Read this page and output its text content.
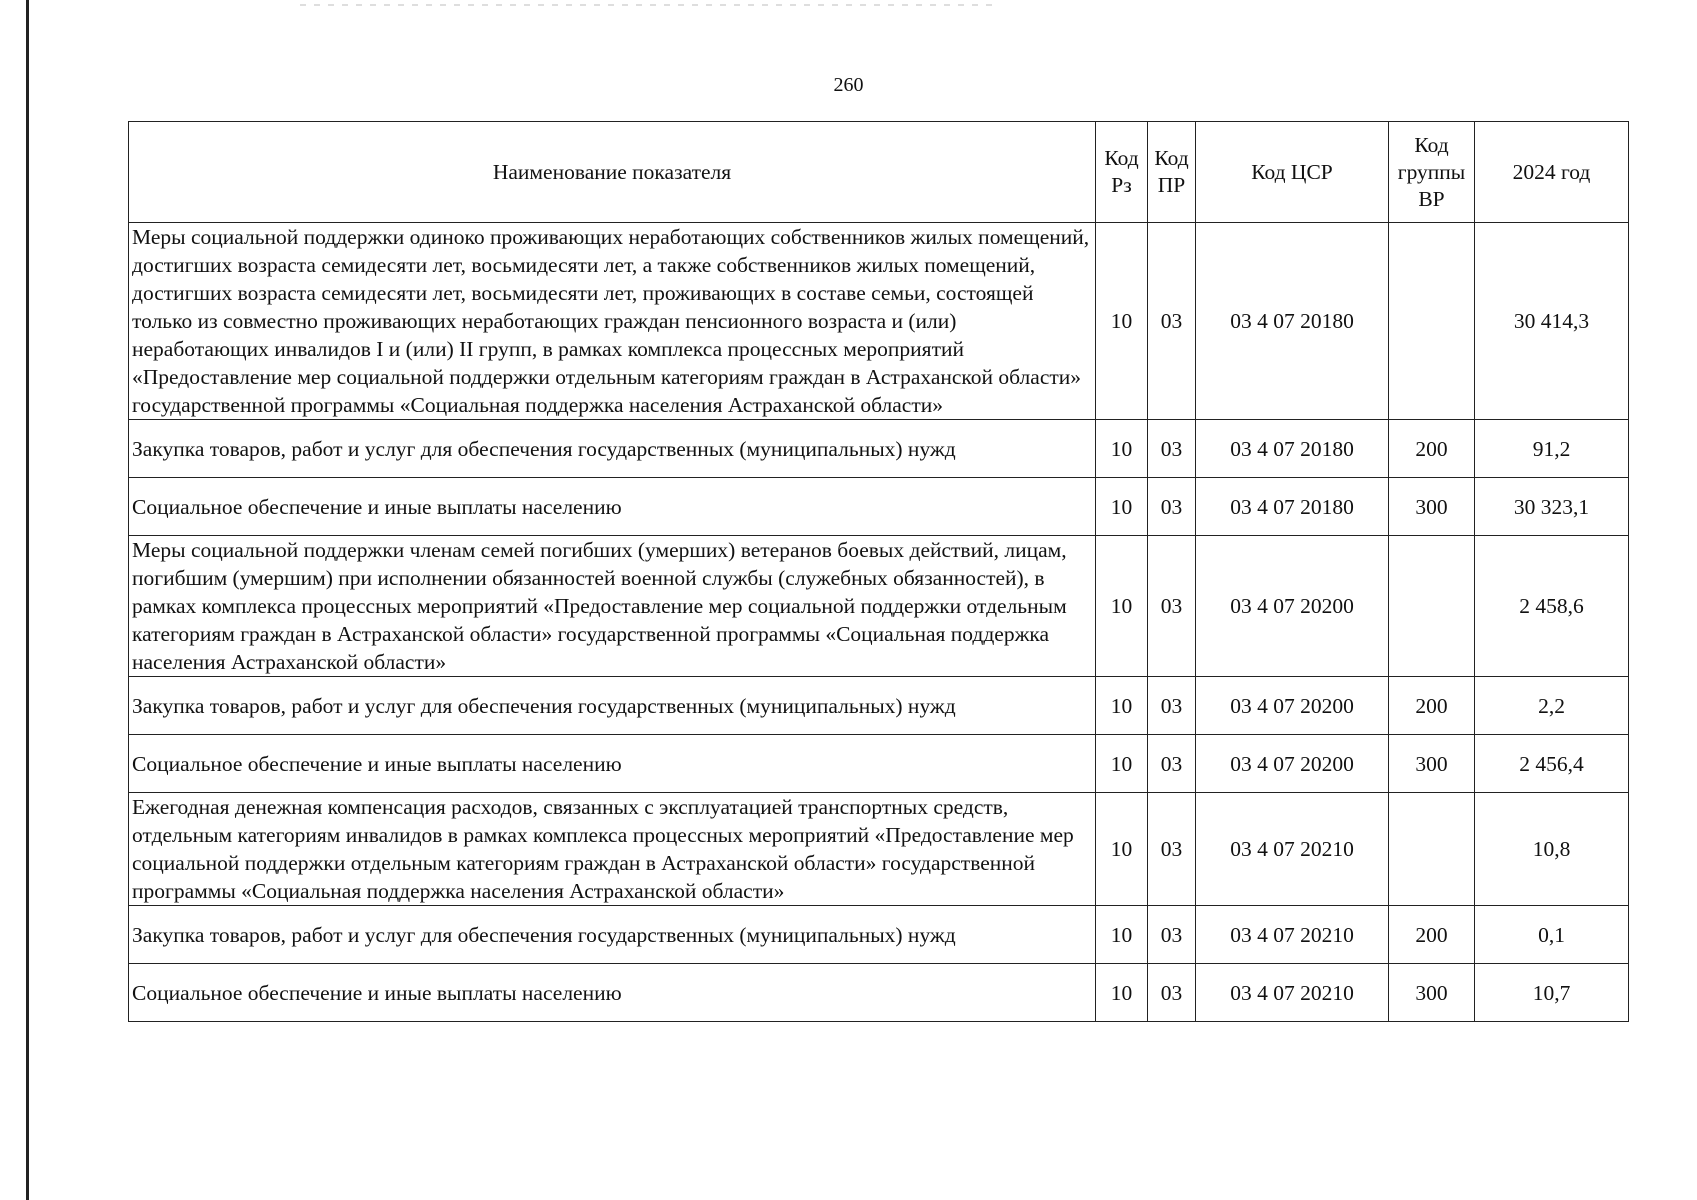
260
Наименование показателя	Код Рз	Код ПР	Код ЦСР	Код группы ВР	2024 год
Меры социальной поддержки одиноко проживающих неработающих собственников жилых помещений, достигших возраста семидесяти лет, восьмидесяти лет, а также собственников жилых помещений, достигших возраста семидесяти лет, восьмидесяти лет, проживающих в составе семьи, состоящей только из совместно проживающих неработающих граждан пенсионного возраста и (или) неработающих инвалидов I и (или) II групп, в рамках комплекса процессных мероприятий «Предоставление мер социальной поддержки отдельным категориям граждан в Астраханской области» государственной программы «Социальная поддержка населения Астраханской области»	10	03	03 4 07 20180		30 414,3
Закупка товаров, работ и услуг для обеспечения государственных (муниципальных) нужд	10	03	03 4 07 20180	200	91,2
Социальное обеспечение и иные выплаты населению	10	03	03 4 07 20180	300	30 323,1
Меры социальной поддержки членам семей погибших (умерших) ветеранов боевых действий, лицам, погибшим (умершим) при исполнении обязанностей военной службы (служебных обязанностей), в рамках комплекса процессных мероприятий «Предоставление мер социальной поддержки отдельным категориям граждан в Астраханской области» государственной программы «Социальная поддержка населения Астраханской области»	10	03	03 4 07 20200		2 458,6
Закупка товаров, работ и услуг для обеспечения государственных (муниципальных) нужд	10	03	03 4 07 20200	200	2,2
Социальное обеспечение и иные выплаты населению	10	03	03 4 07 20200	300	2 456,4
Ежегодная денежная компенсация расходов, связанных с эксплуатацией транспортных средств, отдельным категориям инвалидов в рамках комплекса процессных мероприятий «Предоставление мер социальной поддержки отдельным категориям граждан в Астраханской области» государственной программы «Социальная поддержка населения Астраханской области»	10	03	03 4 07 20210		10,8
Закупка товаров, работ и услуг для обеспечения государственных (муниципальных) нужд	10	03	03 4 07 20210	200	0,1
Социальное обеспечение и иные выплаты населению	10	03	03 4 07 20210	300	10,7
